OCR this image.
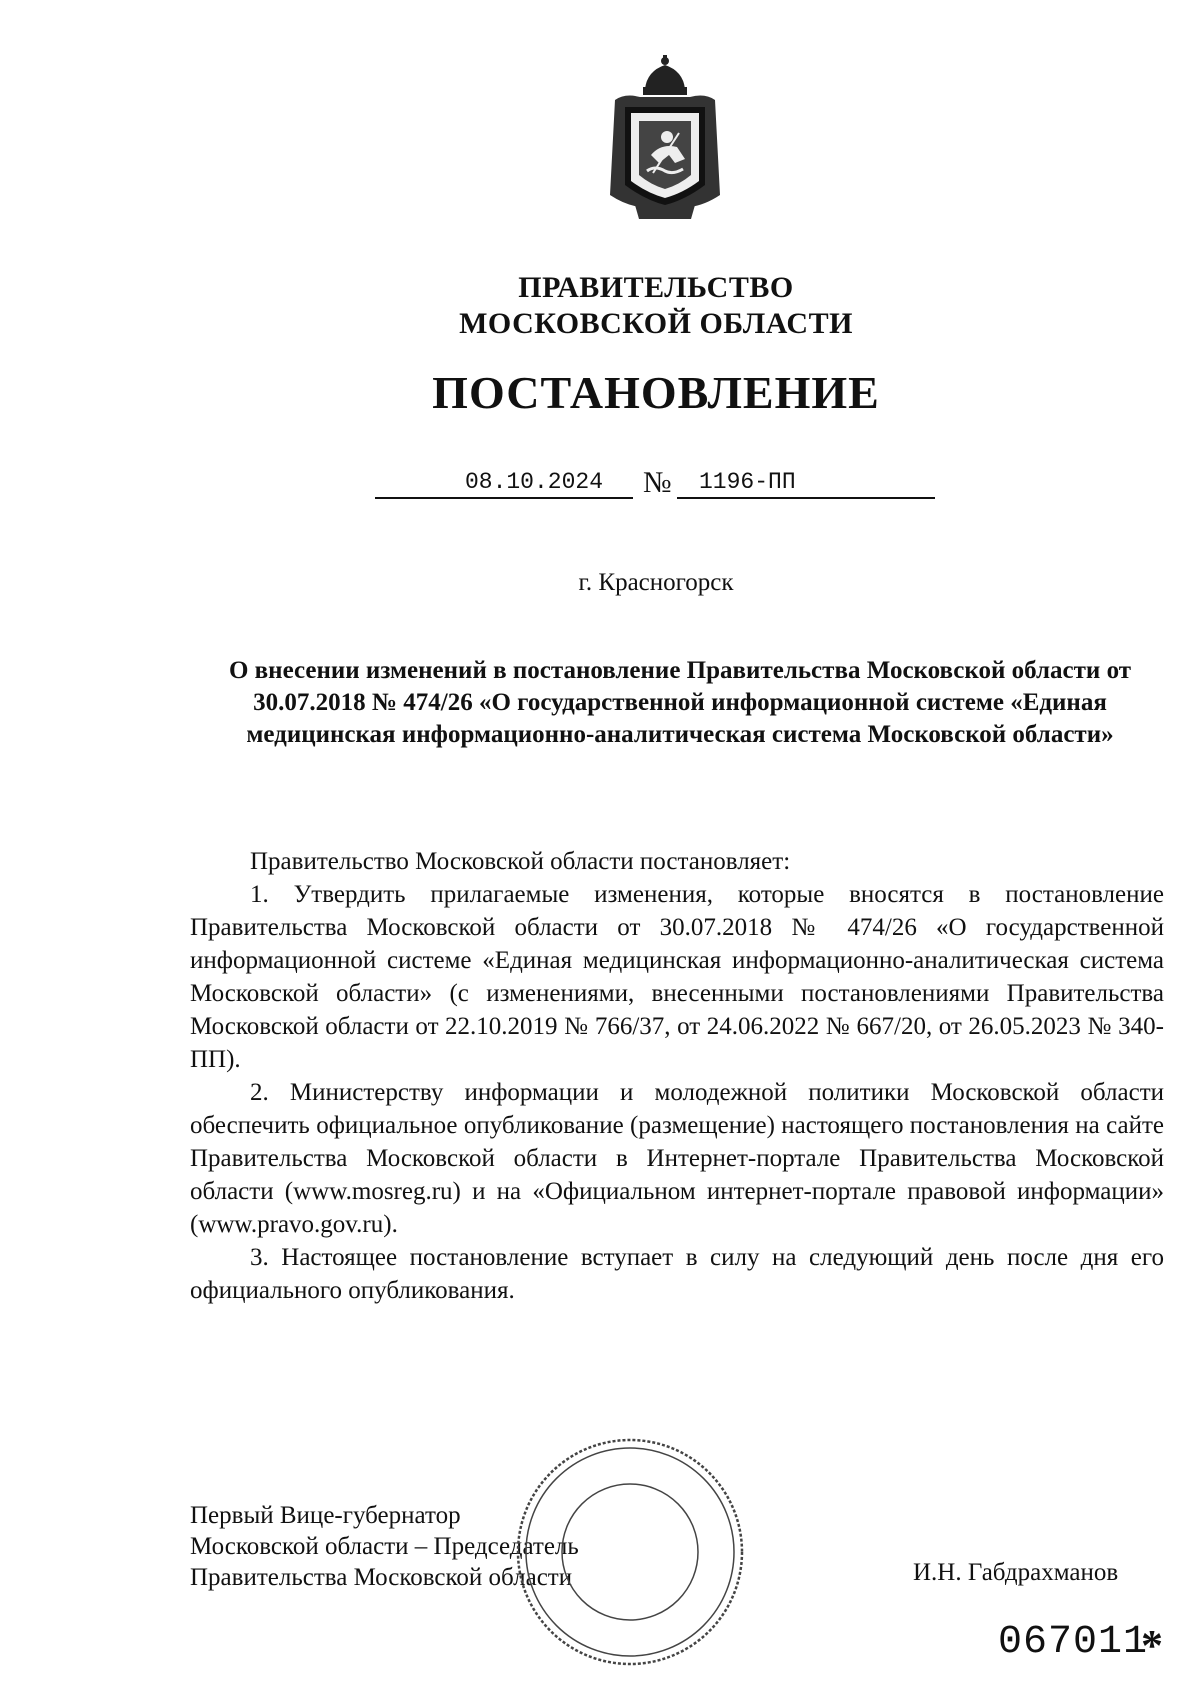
ПРАВИТЕЛЬСТВО
МОСКОВСКОЙ ОБЛАСТИ
ПОСТАНОВЛЕНИЕ
08.10.2024	№	1196-ПП
г. Красногорск
О внесении изменений в постановление Правительства Московской области от 30.07.2018 № 474/26 «О государственной информационной системе «Единая медицинская информационно-аналитическая система Московской области»

Правительство Московской области постановляет:

1. Утвердить прилагаемые изменения, которые вносятся в постановление Правительства Московской области от 30.07.2018 № 474/26 «О государственной информационной системе «Единая медицинская информационно-аналитическая система Московской области» (с изменениями, внесенными постановлениями Правительства Московской области от 22.10.2019 № 766/37, от 24.06.2022 № 667/20, от 26.05.2023 № 340-ПП).

2. Министерству информации и молодежной политики Московской области обеспечить официальное опубликование (размещение) настоящего постановления на сайте Правительства Московской области в Интернет-портале Правительства Московской области (www.mosreg.ru) и на «Официальном интернет-портале правовой информации» (www.pravo.gov.ru).

3. Настоящее постановление вступает в силу на следующий день после дня его официального опубликования.

Первый Вице-губернатор
Московской области – Председатель
Правительства Московской области	И.Н. Габдрахманов
067011
*
